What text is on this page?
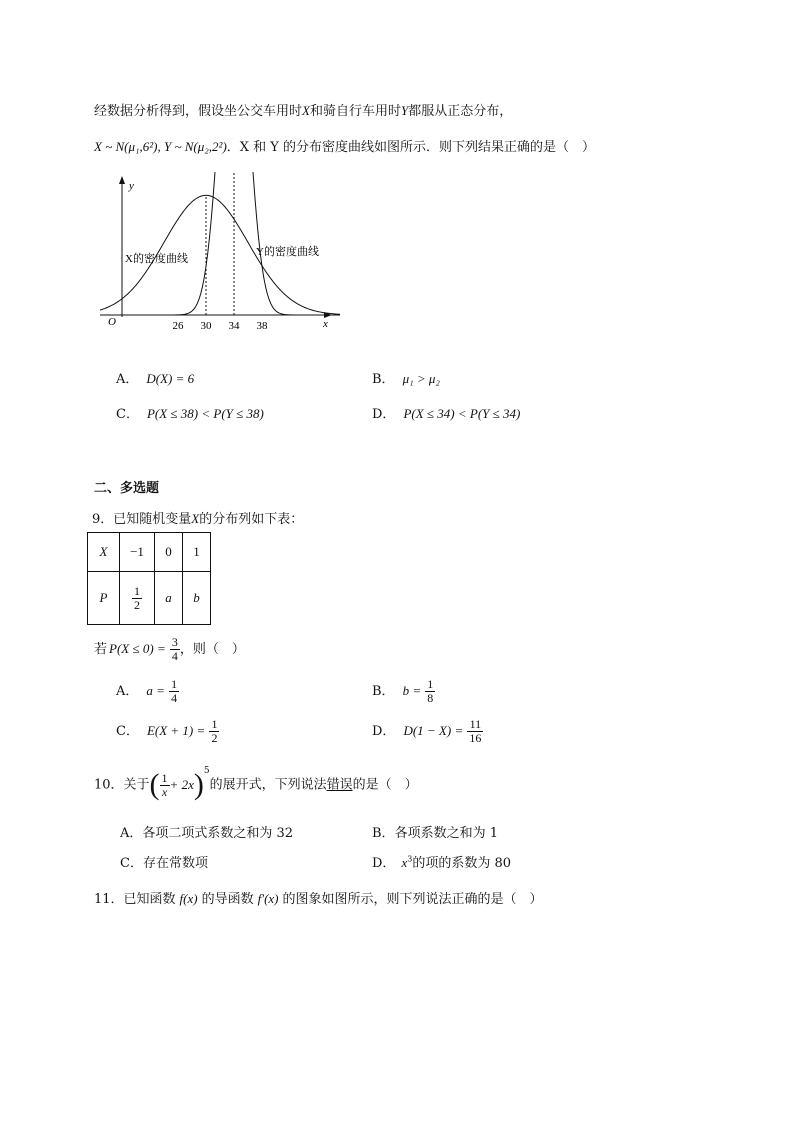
经数据分析得到，假设坐公交车用时X和骑自行车用时Y都服从正态分布，
X ~ N(μ₁,6²), Y ~ N(μ₂,2²)．X 和 Y 的分布密度曲线如图所示．则下列结果正确的是（　）
y
x
O	26 30 34 38
X的密度曲线
Y的密度曲线
A． D(X) = 6	B． μ₁ > μ₂
C． P(X ≤ 38) < P(Y ≤ 38)	D． P(X ≤ 34) < P(Y ≤ 34)
二、多选题
9．已知随机变量X的分布列如下表：
X	−1	0	1
P	$\frac{1}{2}$	a	b
若 $P(X \le 0) = \frac{3}{4}$ ，则（　）
A． $a = \frac{1}{4}$	B． $b = \frac{1}{8}$
C． $E(X + 1) = \frac{1}{2}$	D． $D(1 - X) = \frac{11}{16}$
10．关于( $\frac{1}{x} + 2x)^5$的展开式，下列说法错误的是（　）
A．各项二项式系数之和为 32	B．各项系数之和为 1
C．存在常数项	D． $x^3$的项的系数为 80
11．已知函数 f(x) 的导函数 f′(x) 的图象如图所示，则下列说法正确的是（　）
